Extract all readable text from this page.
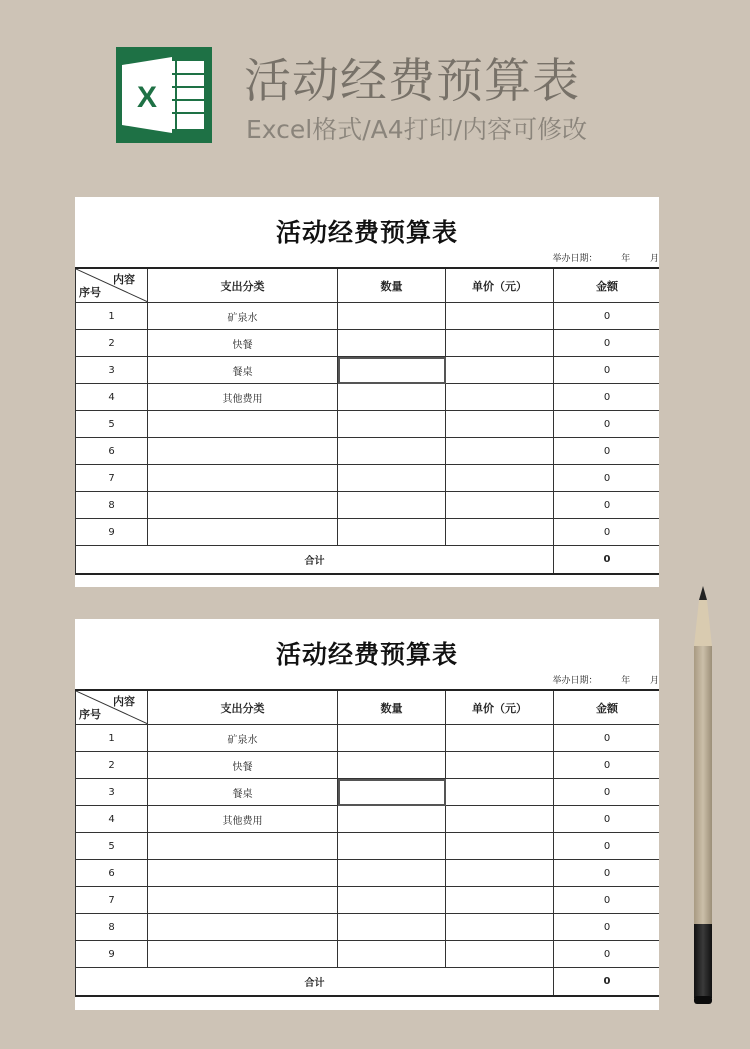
X 活动经费预算表
Excel格式/A4打印/内容可修改
活动经费预算表
举办日期：	年 月
内容
序号	支出分类	数量	单价（元）	金额
1	矿泉水			0
2	快餐			0
3	餐桌			0
4	其他费用			0
5				0
6				0
7				0
8				0
9				0
合计				0
活动经费预算表
举办日期：	年 月
内容
序号	支出分类	数量	单价（元）	金额
1	矿泉水			0
2	快餐			0
3	餐桌			0
4	其他费用			0
5				0
6				0
7				0
8				0
9				0
合计				0
